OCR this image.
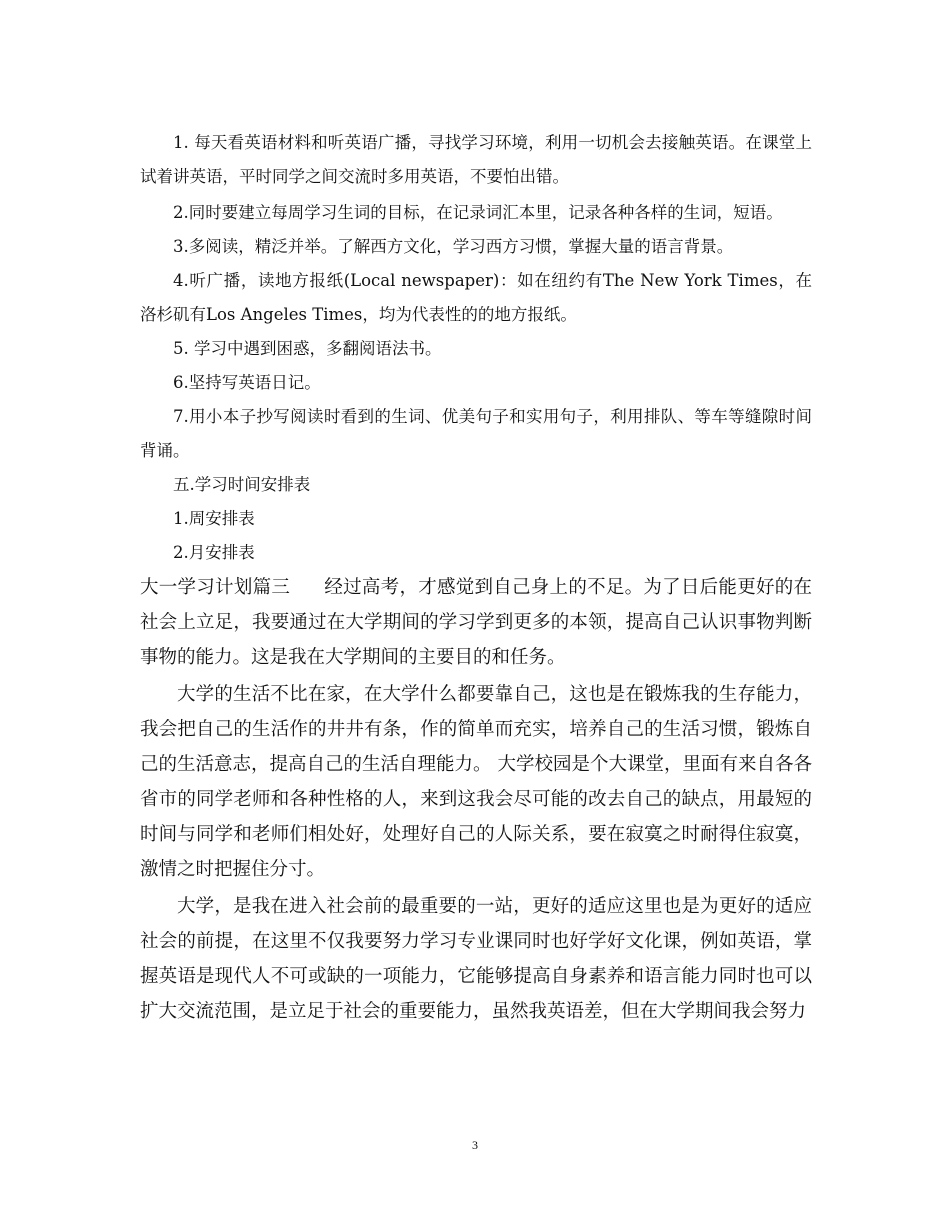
1. 每天看英语材料和听英语广播，寻找学习环境，利用一切机会去接触英语。在课堂上试着讲英语，平时同学之间交流时多用英语，不要怕出错。

2.同时要建立每周学习生词的目标，在记录词汇本里，记录各种各样的生词，短语。

3.多阅读，精泛并举。了解西方文化，学习西方习惯，掌握大量的语言背景。

4.听广播，读地方报纸(Local newspaper)：如在纽约有The New York Times，在洛杉矶有Los Angeles Times，均为代表性的的地方报纸。

5. 学习中遇到困惑，多翻阅语法书。

6.坚持写英语日记。

7.用小本子抄写阅读时看到的生词、优美句子和实用句子，利用排队、等车等缝隙时间背诵。

五.学习时间安排表

1.周安排表

2.月安排表

大一学习计划篇三 经过高考，才感觉到自己身上的不足。为了日后能更好的在社会上立足，我要通过在大学期间的学习学到更多的本领，提高自己认识事物判断事物的能力。这是我在大学期间的主要目的和任务。

大学的生活不比在家，在大学什么都要靠自己，这也是在锻炼我的生存能力，我会把自己的生活作的井井有条，作的简单而充实，培养自己的生活习惯，锻炼自己的生活意志，提高自己的生活自理能力。 大学校园是个大课堂，里面有来自各各省市的同学老师和各种性格的人，来到这我会尽可能的改去自己的缺点，用最短的时间与同学和老师们相处好，处理好自己的人际关系，要在寂寞之时耐得住寂寞，激情之时把握住分寸。

大学，是我在进入社会前的最重要的一站，更好的适应这里也是为更好的适应社会的前提，在这里不仅我要努力学习专业课同时也好学好文化课，例如英语，掌握英语是现代人不可或缺的一项能力，它能够提高自身素养和语言能力同时也可以扩大交流范围，是立足于社会的重要能力，虽然我英语差，但在大学期间我会努力

3
